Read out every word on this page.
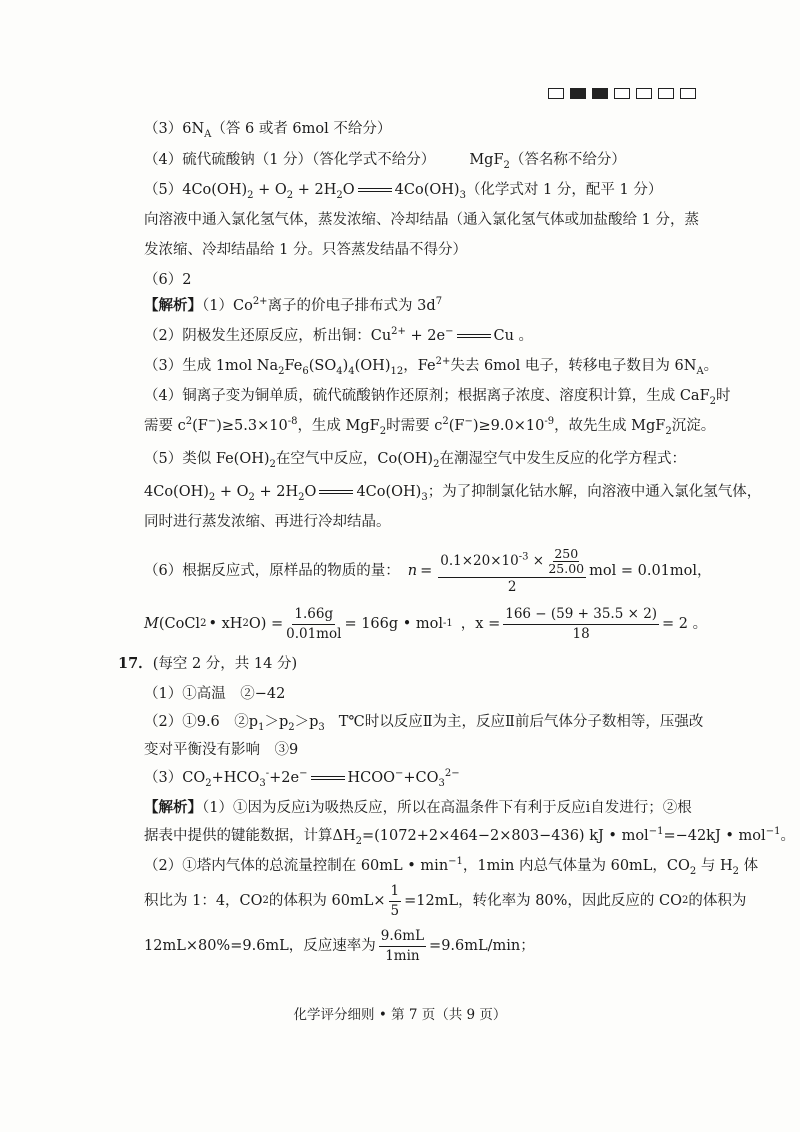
$(3)6N_A$（答 6 或者 6mol 不给分）
（4）硫代硫酸钠（1 分）（答化学式不给分） MgF$_2$（答名称不给分）
$(5)4Co(OH)_2 + O_2 + 2H_2O$	$4Co(OH)_3$（化学式对 1 分，配平 1 分）
向溶液中通入氯化氢气体，蒸发浓缩、冷却结晶（通入氯化氢气体或加盐酸给 1 分，蒸
发浓缩、冷却结晶给 1 分。只答蒸发结晶不得分）
（6）2
【解析】$(1)Co^{2+}$离子的价电子排布式为 $3d^7$
（2）阴极发生还原反应，析出铜：$Cu^{2+} + 2e^-$	Cu 。
（3）生成 1mol $Na_2Fe_6(SO_4)_4(OH)_{12}$，$Fe^{2+}$失去 6mol 电子，转移电子数目为 $6N_A$。
（4）铜离子变为铜单质，硫代硫酸钠作还原剂；根据离子浓度、溶度积计算，生成 CaF$_2$时
需要 $c^2(F^-)\ge 5.3\times 10^{-8}$，生成 MgF$_2$时需要 $c^2(F^-)\ge 9.0\times 10^{-9}$，故先生成 MgF$_2$沉淀。
（5）类似 $Fe(OH)_2$在空气中反应，$Co(OH)_2$在潮湿空气中发生反应的化学方程式：
$4Co(OH)_2 + O_2 + 2H_2O$	$4Co(OH)_3$；为了抑制氯化钴水解，向溶液中通入氯化氢气体，
同时进行蒸发浓缩、再进行冷却结晶。
（6）根据反应式，原样品的物质的量： $n = \frac{0.1\times 20\times 10^{-3} \times \frac{250}{25.00}}{2}$ mol = 0.01mol，
M (CoCl 2 • xH 2 $O) = \frac{1.66g}{\text{0.01mol}} = 166g$ • mol -1 ，$x = \frac{166 - (59 + 35.5 \times 2)}{18} = 2$ 。
17．(每空 2 分，共 14 分)
（1）①高温　②−42
（2）①9.6　$②p_1>p_2>p_3$ T℃时以反应Ⅱ为主，反应Ⅱ前后气体分子数相等，压强改
变对平衡没有影响　③9
$(3)CO_2+HCO_3^-+2e^-$	$HCOO^-+CO_3^{2-}$
【解析】（1）①因为反应ⅰ为吸热反应，所以在高温条件下有利于反应ⅰ自发进行；②根
据表中提供的键能数据，计算$\Delta H_2=(1072+2\times 464-2\times 803-436)$ kJ • mol$^{-1}$=−42kJ • mol$^{-1}$。
（2）①塔内气体的总流量控制在 60mL • $\min^{-1}$，1min 内总气体量为 60mL，$CO_2$ 与 $H_2$ 体
积比为 1：4，CO 2 的体积为 $60mL\times \frac{1}{5} =12mL$，转化率为 80%，因此反应的 CO 2 的体积为
12mL×80%=9.6mL，反应速率为 $\frac{9.6mL}{1\min} =9.6mL/\min$；
化学评分细则 • 第 7 页（共 9 页）
